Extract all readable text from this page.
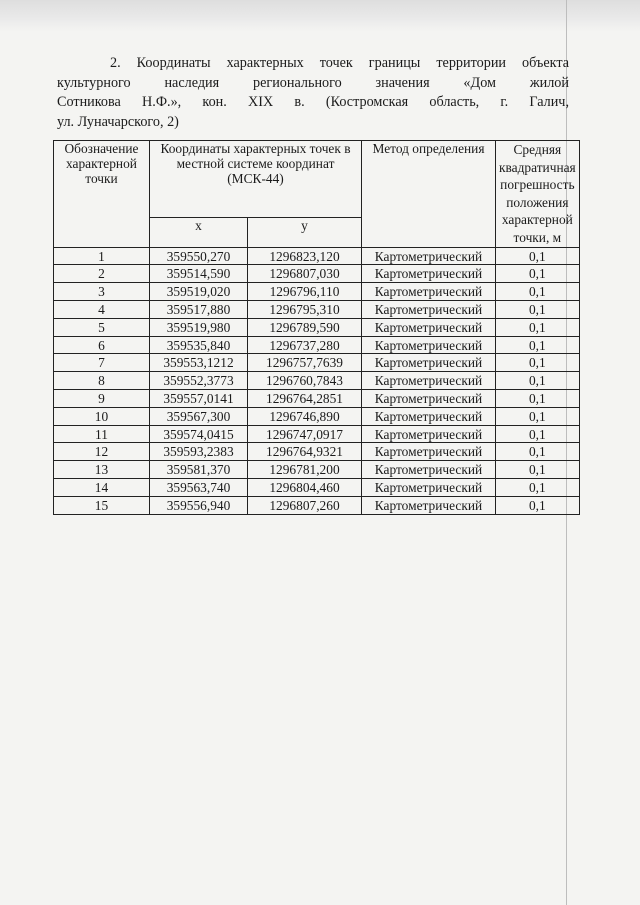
2. Координаты характерных точек границы территории объекта
культурного наследия регионального значения «Дом жилой
Сотникова Н.Ф.», кон. XIX в. (Костромская область, г. Галич,
ул. Луначарского, 2)
Обозначение характерной точки	Координаты характерных точек в местной системе координат (МСК-44)		Метод определения	Средняя квадратичная погрешность положения характерной точки, м
	х	у		
1	359550,270	1296823,120	Картометрический	0,1
2	359514,590	1296807,030	Картометрический	0,1
3	359519,020	1296796,110	Картометрический	0,1
4	359517,880	1296795,310	Картометрический	0,1
5	359519,980	1296789,590	Картометрический	0,1
6	359535,840	1296737,280	Картометрический	0,1
7	359553,1212	1296757,7639	Картометрический	0,1
8	359552,3773	1296760,7843	Картометрический	0,1
9	359557,0141	1296764,2851	Картометрический	0,1
10	359567,300	1296746,890	Картометрический	0,1
11	359574,0415	1296747,0917	Картометрический	0,1
12	359593,2383	1296764,9321	Картометрический	0,1
13	359581,370	1296781,200	Картометрический	0,1
14	359563,740	1296804,460	Картометрический	0,1
15	359556,940	1296807,260	Картометрический	0,1
